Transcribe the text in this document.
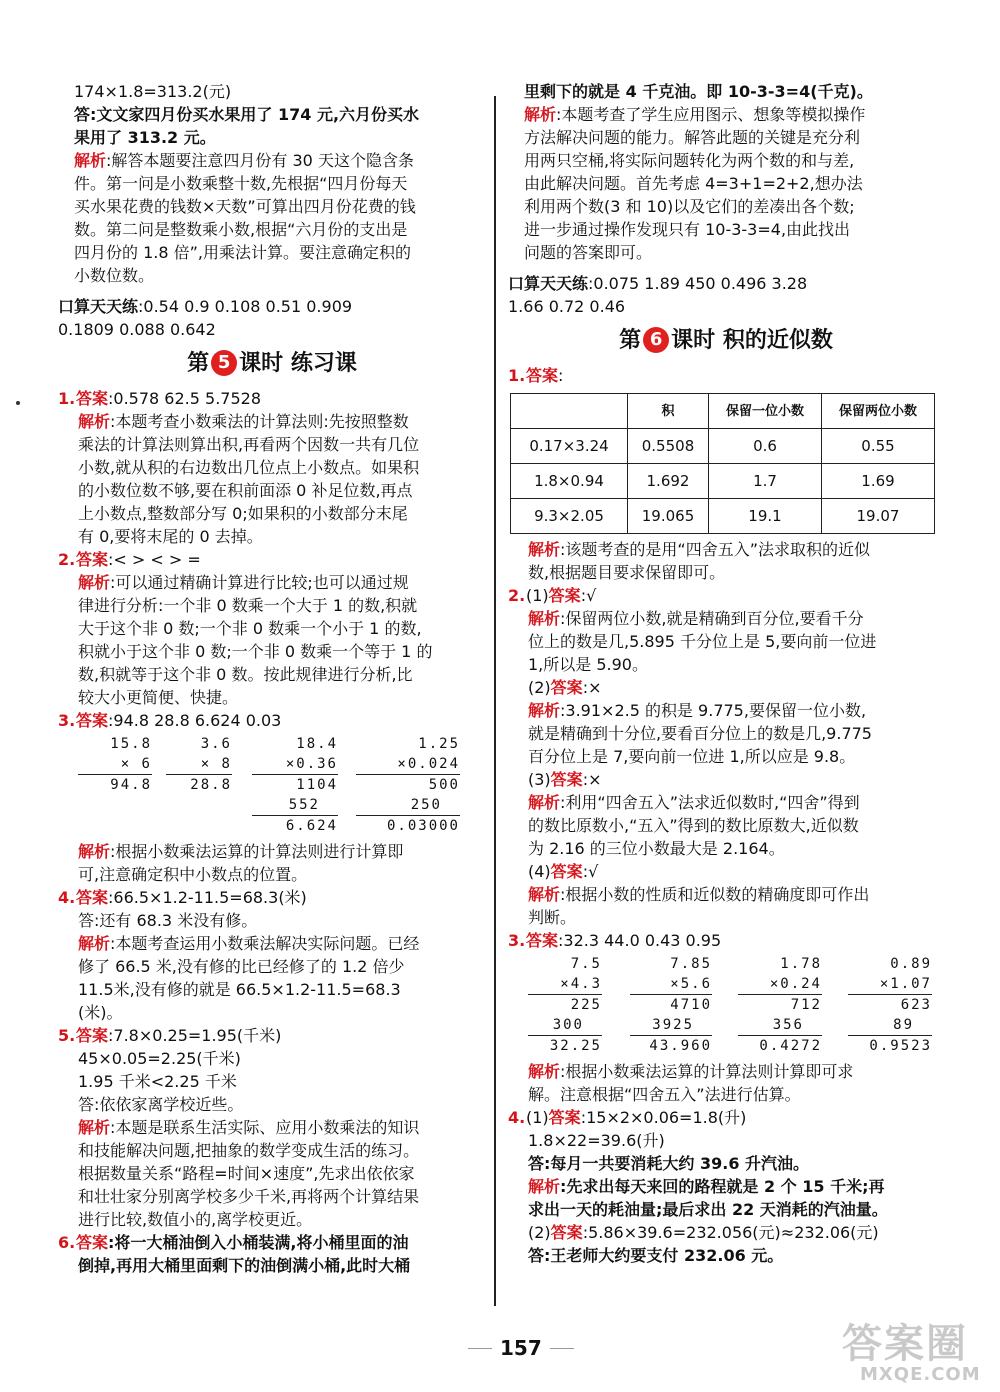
174×1.8=313.2(元)
答:文文家四月份买水果用了 174 元,六月份买水
果用了 313.2 元。
解析:解答本题要注意四月份有 30 天这个隐含条
件。第一问是小数乘整十数,先根据“四月份每天
买水果花费的钱数×天数”可算出四月份花费的钱
数。第二问是整数乘小数,根据“六月份的支出是
四月份的 1.8 倍”,用乘法计算。要注意确定积的
小数位数。
口算天天练:0.54 0.9 0.108 0.51 0.909
0.1809 0.088 0.642
第 5 课时 练习课
1.答案:0.578 62.5 5.7528
解析:本题考查小数乘法的计算法则:先按照整数
乘法的计算法则算出积,再看两个因数一共有几位
小数,就从积的右边数出几位点上小数点。如果积
的小数位数不够,要在积前面添 0 补足位数,再点
上小数点,整数部分写 0;如果积的小数部分末尾
有 0,要将末尾的 0 去掉。
2.答案:< > < > =
解析:可以通过精确计算进行比较;也可以通过规
律进行分析:一个非 0 数乘一个大于 1 的数,积就
大于这个非 0 数;一个非 0 数乘一个小于 1 的数,
积就小于这个非 0 数;一个非 0 数乘一个等于 1 的
数,积就等于这个非 0 数。按此规律进行分析,比
较大小更简便、快捷。
3.答案:94.8 28.8 6.624 0.03
15.8
× 6
94.8
3.6
× 8
28.8
18.4
×0.36
1104
552
6.624
1.25
×0.024
500
250
0.03000
解析:根据小数乘法运算的计算法则进行计算即
可,注意确定积中小数点的位置。
4.答案:66.5×1.2-11.5=68.3(米)
答:还有 68.3 米没有修。
解析:本题考查运用小数乘法解决实际问题。已经
修了 66.5 米,没有修的比已经修了的 1.2 倍少
11.5米,没有修的就是 66.5×1.2-11.5=68.3
(米)。
5.答案:7.8×0.25=1.95(千米)
45×0.05=2.25(千米)
1.95 千米<2.25 千米
答:依依家离学校近些。
解析:本题是联系生活实际、应用小数乘法的知识
和技能解决问题,把抽象的数学变成生活的练习。
根据数量关系“路程=时间×速度”,先求出依依家
和壮壮家分别离学校多少千米,再将两个计算结果
进行比较,数值小的,离学校更近。
6.答案:将一大桶油倒入小桶装满,将小桶里面的油
倒掉,再用大桶里面剩下的油倒满小桶,此时大桶
里剩下的就是 4 千克油。即 10-3-3=4(千克)。
解析:本题考查了学生应用图示、想象等模拟操作
方法解决问题的能力。解答此题的关键是充分利
用两只空桶,将实际问题转化为两个数的和与差,
由此解决问题。首先考虑 4=3+1=2+2,想办法
利用两个数(3 和 10)以及它们的差凑出各个数;
进一步通过操作发现只有 10-3-3=4,由此找出
问题的答案即可。
口算天天练:0.075 1.89 450 0.496 3.28
1.66 0.72 0.46
第 6 课时 积的近似数
1.答案:
	积	保留一位小数	保留两位小数
0.17×3.24	0.5508	0.6	0.55
1.8×0.94	1.692	1.7	1.69
9.3×2.05	19.065	19.1	19.07
解析:该题考查的是用“四舍五入”法求取积的近似
数,根据题目要求保留即可。
2.(1)答案:√
解析:保留两位小数,就是精确到百分位,要看千分
位上的数是几,5.895 千分位上是 5,要向前一位进
1,所以是 5.90。
(2)答案:×
解析:3.91×2.5 的积是 9.775,要保留一位小数,
就是精确到十分位,要看百分位上的数是几,9.775
百分位上是 7,要向前一位进 1,所以应是 9.8。
(3)答案:×
解析:利用“四舍五入”法求近似数时,“四舍”得到
的数比原数小,“五入”得到的数比原数大,近似数
为 2.16 的三位小数最大是 2.164。
(4)答案:√
解析:根据小数的性质和近似数的精确度即可作出
判断。
3.答案:32.3 44.0 0.43 0.95
7.5
×4.3
225
300
32.25
7.85
×5.6
4710
3925
43.960
1.78
×0.24
712
356
0.4272
0.89
×1.07
623
89
0.9523
解析:根据小数乘法运算的计算法则计算即可求
解。注意根据“四舍五入”法进行估算。
4.(1)答案:15×2×0.06=1.8(升)
1.8×22=39.6(升)
答:每月一共要消耗大约 39.6 升汽油。
解析:先求出每天来回的路程就是 2 个 15 千米;再
求出一天的耗油量;最后求出 22 天消耗的汽油量。
(2)答案:5.86×39.6=232.056(元)≈232.06(元)
答:王老师大约要支付 232.06 元。
157	答案圈
MXQE.COM
